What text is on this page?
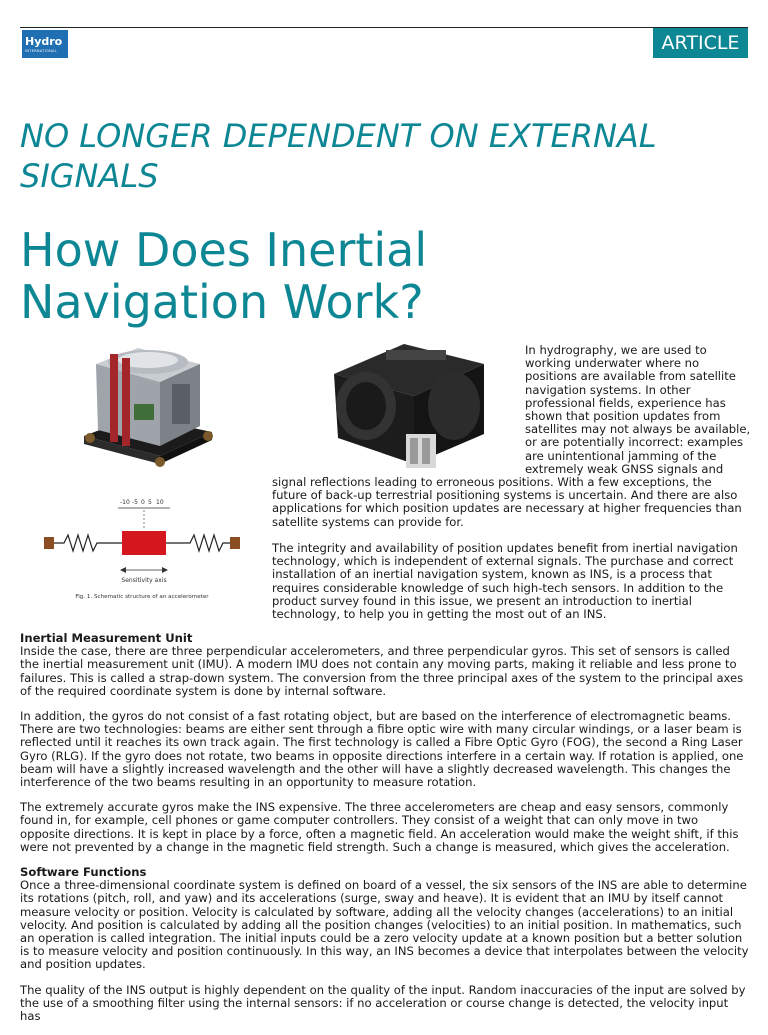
Hydro
INTERNATIONAL	ARTICLE
NO LONGER DEPENDENT ON EXTERNAL SIGNALS
How Does Inertial Navigation Work?
-10 -5 0 5 10
Sensitivity axis
Fig. 1. Schematic structure of an accelerometer

In hydrography, we are used to working underwater where no positions are available from satellite navigation systems. In other professional fields, experience has shown that position updates from satellites may not always be available, or are potentially incorrect: examples are unintentional jamming of the extremely weak GNSS signals and

signal reflections leading to erroneous positions. With a few exceptions, the future of back-up terrestrial positioning systems is uncertain. And there are also applications for which position updates are necessary at higher frequencies than satellite systems can provide for.

The integrity and availability of position updates benefit from inertial navigation technology, which is independent of external signals. The purchase and correct installation of an inertial navigation system, known as INS, is a process that requires considerable knowledge of such high-tech sensors. In addition to the product survey found in this issue, we present an introduction to inertial technology, to help you in getting the most out of an INS.

Inertial Measurement Unit

Inside the case, there are three perpendicular accelerometers, and three perpendicular gyros. This set of sensors is called the inertial measurement unit (IMU). A modern IMU does not contain any moving parts, making it reliable and less prone to failures. This is called a strap-down system. The conversion from the three principal axes of the system to the principal axes of the required coordinate system is done by internal software.

In addition, the gyros do not consist of a fast rotating object, but are based on the interference of electromagnetic beams. There are two technologies: beams are either sent through a fibre optic wire with many circular windings, or a laser beam is reflected until it reaches its own track again. The first technology is called a Fibre Optic Gyro (FOG), the second a Ring Laser Gyro (RLG). If the gyro does not rotate, two beams in opposite directions interfere in a certain way. If rotation is applied, one beam will have a slightly increased wavelength and the other will have a slightly decreased wavelength. This changes the interference of the two beams resulting in an opportunity to measure rotation.

The extremely accurate gyros make the INS expensive. The three accelerometers are cheap and easy sensors, commonly found in, for example, cell phones or game computer controllers. They consist of a weight that can only move in two opposite directions. It is kept in place by a force, often a magnetic field. An acceleration would make the weight shift, if this were not prevented by a change in the magnetic field strength. Such a change is measured, which gives the acceleration.

Software Functions

Once a three-dimensional coordinate system is defined on board of a vessel, the six sensors of the INS are able to determine its rotations (pitch, roll, and yaw) and its accelerations (surge, sway and heave). It is evident that an IMU by itself cannot measure velocity or position. Velocity is calculated by software, adding all the velocity changes (accelerations) to an initial velocity. And position is calculated by adding all the position changes (velocities) to an initial position. In mathematics, such an operation is called integration. The initial inputs could be a zero velocity update at a known position but a better solution is to measure velocity and position continuously. In this way, an INS becomes a device that interpolates between the velocity and position updates.

The quality of the INS output is highly dependent on the quality of the input. Random inaccuracies of the input are solved by the use of a smoothing filter using the internal sensors: if no acceleration or course change is detected, the velocity input has
